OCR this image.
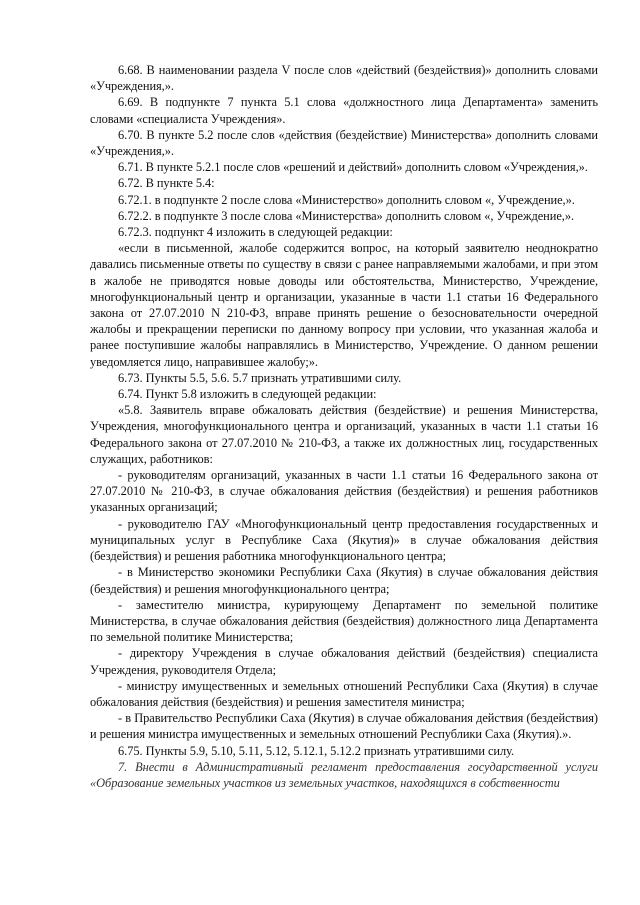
6.68. В наименовании раздела V после слов «действий (бездействия)» дополнить словами «Учреждения,».

6.69. В подпункте 7 пункта 5.1 слова «должностного лица Департамента» заменить словами «специалиста Учреждения».

6.70. В пункте 5.2 после слов «действия (бездействие) Министерства» дополнить словами «Учреждения,».

6.71. В пункте 5.2.1 после слов «решений и действий» дополнить словом «Учреждения,».

6.72. В пункте 5.4:

6.72.1. в подпункте 2 после слова «Министерство» дополнить словом «, Учреждение,».

6.72.2. в подпункте 3 после слова «Министерства» дополнить словом «, Учреждение,».

6.72.3. подпункт 4 изложить в следующей редакции:

«если в письменной, жалобе содержится вопрос, на который заявителю неоднократно давались письменные ответы по существу в связи с ранее направляемыми жалобами, и при этом в жалобе не приводятся новые доводы или обстоятельства, Министерство, Учреждение, многофункциональный центр и организации, указанные в части 1.1 статьи 16 Федерального закона от 27.07.2010 N 210-ФЗ, вправе принять решение о безосновательности очередной жалобы и прекращении переписки по данному вопросу при условии, что указанная жалоба и ранее поступившие жалобы направлялись в Министерство, Учреждение. О данном решении уведомляется лицо, направившее жалобу;».

6.73. Пункты 5.5, 5.6. 5.7 признать утратившими силу.

6.74. Пункт 5.8 изложить в следующей редакции:

«5.8. Заявитель вправе обжаловать действия (бездействие) и решения Министерства, Учреждения, многофункционального центра и организаций, указанных в части 1.1 статьи 16 Федерального закона от 27.07.2010 № 210-ФЗ, а также их должностных лиц, государственных служащих, работников:

- руководителям организаций, указанных в части 1.1 статьи 16 Федерального закона от 27.07.2010 № 210-ФЗ, в случае обжалования действия (бездействия) и решения работников указанных организаций;

- руководителю ГАУ «Многофункциональный центр предоставления государственных и муниципальных услуг в Республике Саха (Якутия)» в случае обжалования действия (бездействия) и решения работника многофункционального центра;

- в Министерство экономики Республики Саха (Якутия) в случае обжалования действия (бездействия) и решения многофункционального центра;

- заместителю министра, курирующему Департамент по земельной политике Министерства, в случае обжалования действия (бездействия) должностного лица Департамента по земельной политике Министерства;

- директору Учреждения в случае обжалования действий (бездействия) специалиста Учреждения, руководителя Отдела;

- министру имущественных и земельных отношений Республики Саха (Якутия) в случае обжалования действия (бездействия) и решения заместителя министра;

- в Правительство Республики Саха (Якутия) в случае обжалования действия (бездействия) и решения министра имущественных и земельных отношений Республики Саха (Якутия).».

6.75. Пункты 5.9, 5.10, 5.11, 5.12, 5.12.1, 5.12.2 признать утратившими силу.

7. Внести в Административный регламент предоставления государственной услуги «Образование земельных участков из земельных участков, находящихся в собственности
